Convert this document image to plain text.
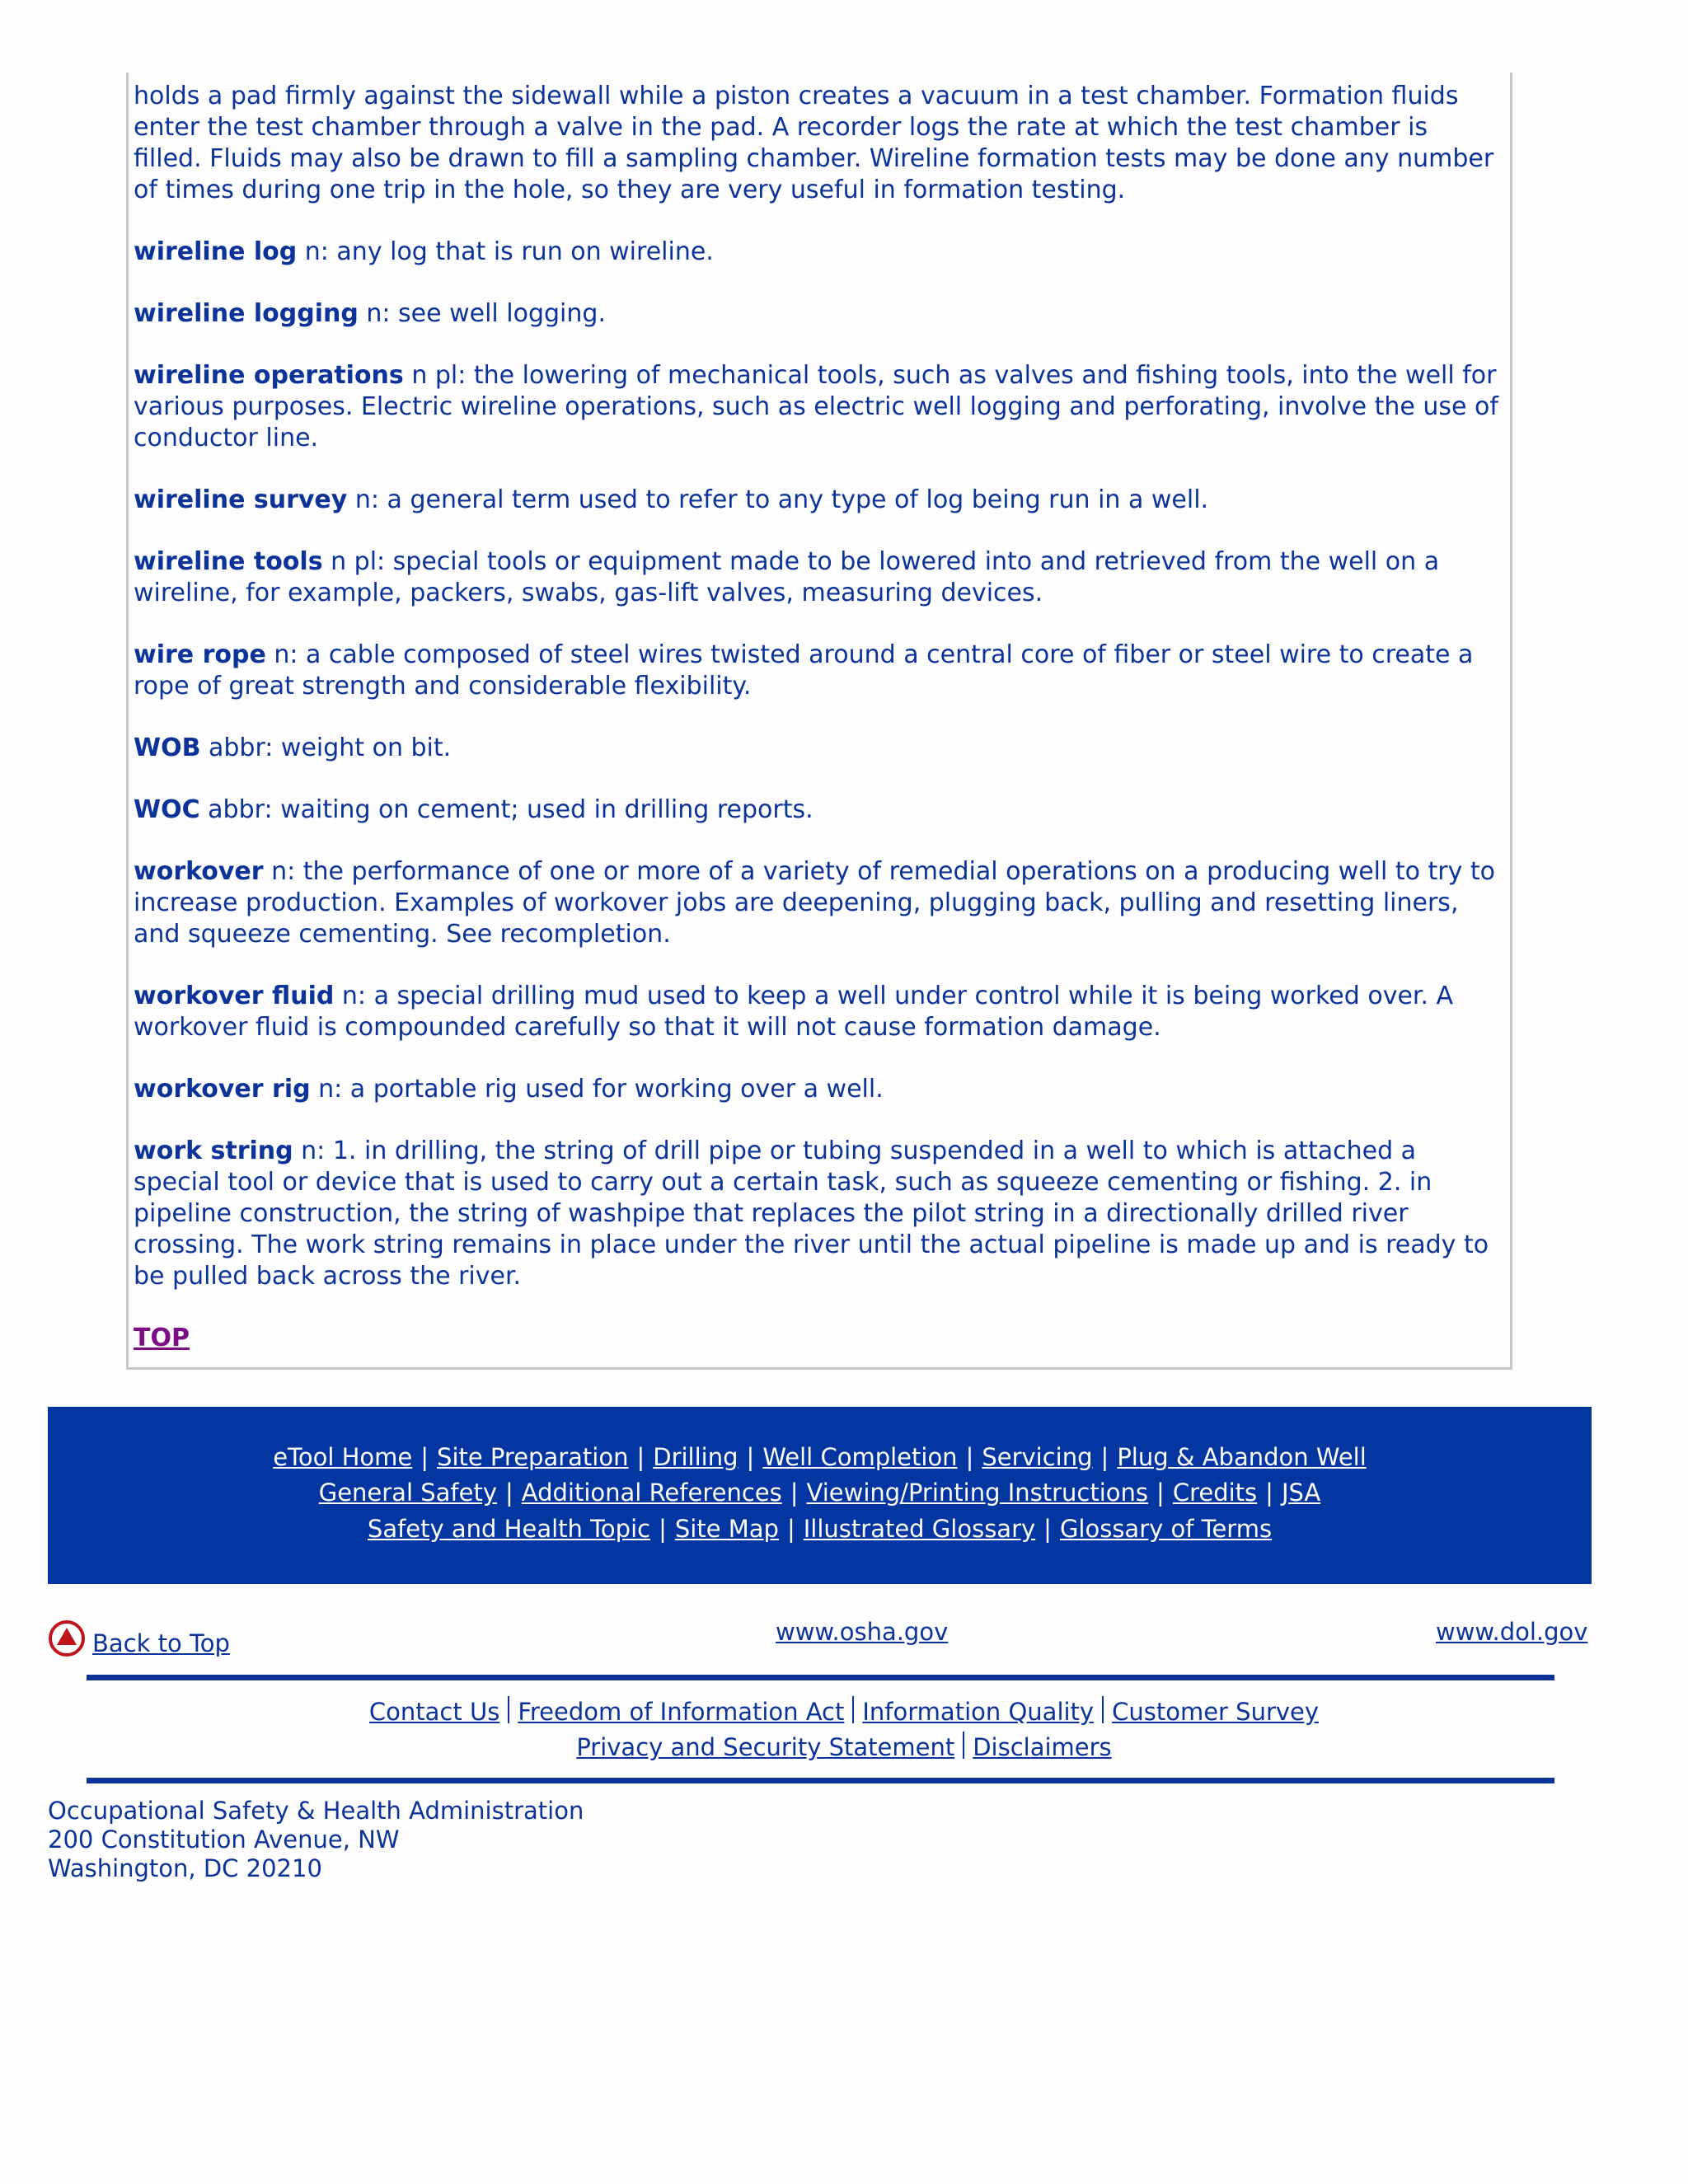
holds a pad firmly against the sidewall while a piston creates a vacuum in a test chamber. Formation fluids enter the test chamber through a valve in the pad. A recorder logs the rate at which the test chamber is filled. Fluids may also be drawn to fill a sampling chamber. Wireline formation tests may be done any number of times during one trip in the hole, so they are very useful in formation testing.
wireline log n: any log that is run on wireline.
wireline logging n: see well logging.
wireline operations n pl: the lowering of mechanical tools, such as valves and fishing tools, into the well for various purposes. Electric wireline operations, such as electric well logging and perforating, involve the use of conductor line.
wireline survey n: a general term used to refer to any type of log being run in a well.
wireline tools n pl: special tools or equipment made to be lowered into and retrieved from the well on a wireline, for example, packers, swabs, gas-lift valves, measuring devices.
wire rope n: a cable composed of steel wires twisted around a central core of fiber or steel wire to create a rope of great strength and considerable flexibility.
WOB abbr: weight on bit.
WOC abbr: waiting on cement; used in drilling reports.
workover n: the performance of one or more of a variety of remedial operations on a producing well to try to increase production. Examples of workover jobs are deepening, plugging back, pulling and resetting liners, and squeeze cementing. See recompletion.
workover fluid n: a special drilling mud used to keep a well under control while it is being worked over. A workover fluid is compounded carefully so that it will not cause formation damage.
workover rig n: a portable rig used for working over a well.
work string n: 1. in drilling, the string of drill pipe or tubing suspended in a well to which is attached a special tool or device that is used to carry out a certain task, such as squeeze cementing or fishing. 2. in pipeline construction, the string of washpipe that replaces the pilot string in a directionally drilled river crossing. The work string remains in place under the river until the actual pipeline is made up and is ready to be pulled back across the river.
TOP
eTool Home | Site Preparation | Drilling | Well Completion | Servicing | Plug & Abandon Well
General Safety | Additional References | Viewing/Printing Instructions | Credits | JSA
Safety and Health Topic | Site Map | Illustrated Glossary | Glossary of Terms
Back to Top	www.osha.gov	www.dol.gov
Contact Us Freedom of Information Act Information Quality Customer Survey
Privacy and Security Statement Disclaimers
Occupational Safety & Health Administration
200 Constitution Avenue, NW
Washington, DC 20210
